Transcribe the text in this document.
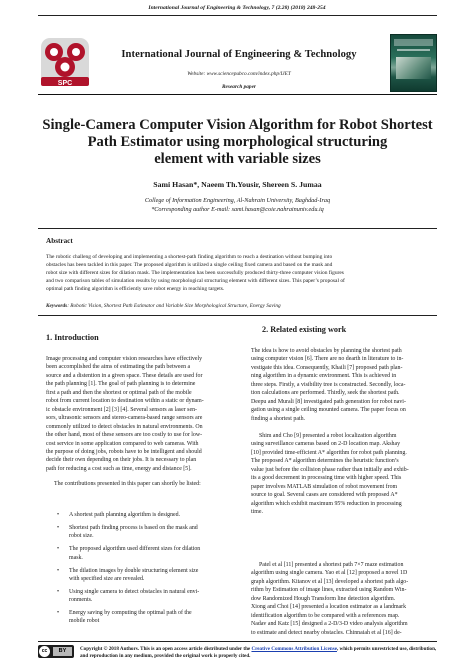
International Journal of Engineering & Technology, 7 (2.28) (2018) 248-254
SPC
International Journal of Engineering & Technology
Website: www.sciencepubco.com/index.php/IJET
Research paper
Single-Camera Computer Vision Algorithm for Robot Shortest
Path Estimator using morphological structuring
element with variable sizes
Sami Hasan*, Naeem Th.Yousir, Shereen S. Jumaa
College of Information Engineering, Al-Nahrain University, Baghdad-Iraq
*Corresponding author E-mail: sami.hasan@coie.nahrainuniv.edu.iq
Abstract
The robotic challeng of developing and implementing a shortest-path finding algorithm to reach a destination without bumping into
obstacles has been tackled in this paper. The proposed algorithm is utilized a single ceiling fixed camera and based on the mask and
robot size with different sizes for dilation mask. The implementation has been successfully produced thirty-three computer vision figures
and two comparison tables of simulation results by using morphological structuring element with different sizes. This paper’s proposal of
optimal path finding algorithm is efficiently save robot energy in reaching targets.
Keywords: Robotic Vision, Shortest Path Estimator and Variable Size Morphological Structure, Energy Saving
1. Introduction
Image processing and computer vision researches have effectively
been accomplished the aims of estimating the path between a
source and a distention in a given space. These details are used for
the path planning [1]. The goal of path planning is to determine
first a path and then the shortest or optimal path of the mobile
robot from current location to destination within a static or dynam-
ic obstacle environment [2] [3] [4]. Several sensors as laser sen-
sors, ultrasonic sensors and stereo-camera-based range sensors are
commonly utilized to detect obstacles in natural environments. On
the other hand, most of these sensors are too costly to use for low-
cost service in some application compared to web cameras. With
the purpose of doing jobs, robots have to be intelligent and should
decide their own depending on their jobs. It is necessary to plan
path for reducing a cost such as time, energy and distance [5].
The contributions presented in this paper can shortly be listed:
• A shortest path planning algorithm is designed.
• Shortest path finding process is based on the mask and
robot size.
• The proposed algorithm used different sizes for dilation
mask.
• The dilation images by double structuring element size
with specified size are revealed.
• Using single camera to detect obstacles in natural envi-
ronments.
• Energy saving by computing the optimal path of the
mobile robot
2. Related existing work
The idea is how to avoid obstacles by planning the shortest path
using computer vision [6]. There are no dearth in literature to in-
vestigate this idea. Consequently, Khaili [7] proposed path plan-
ning algorithm in a dynamic environment. This is achieved in
three steps. Firstly, a visibility tree is constructed. Secondly, loca-
tion calculations are performed. Thirdly, seek the shortest path.
Deepu and Murali [8] investigated path generation for robot navi-
gation using a single ceiling mounted camera. The paper focus on
finding a shortest path.
Shim and Cho [9] presented a robot localization algorithm
using surveillance cameras based on 2-D location map. Akshay
[10] provided time-efficient A* algorithm for robot path planning.
The proposed A* algorithm determines the heuristic function’s
value just before the collision phase rather than initially and exhib-
its a good decrement in processing time with higher speed. This
paper involves MATLAB simulation of robot movement from
source to goal. Several cases are considered with proposed A*
algorithm which exhibit maximum 95% reduction in processing
time.
Patel et al [11] presented a shortest path 7×7 maze estimation
algorithm using single camera. Yao et al [12] proposed a novel 1D
graph algorithm. Kitanov et al [13] developed a shortest path algo-
rithm by Estimation of image lines, extracted using Random Win-
dow Randomized Hough Transform line detection algorithm.
Xiong and Choi [14] presented a location estimator as a landmark
identification algorithm to be compared with a references map.
Nadav and Katz [15] designed a 2-D/3-D video analysis algorithm
to estimate and detect nearby obstacles. Chinnaiah et al [16] de-
cc	BY	Copyright © 2018 Authors. This is an open access article distributed under the Creative Commons Attribution License, which permits unrestricted use, distribution, and reproduction in any medium, provided the original work is properly cited.
